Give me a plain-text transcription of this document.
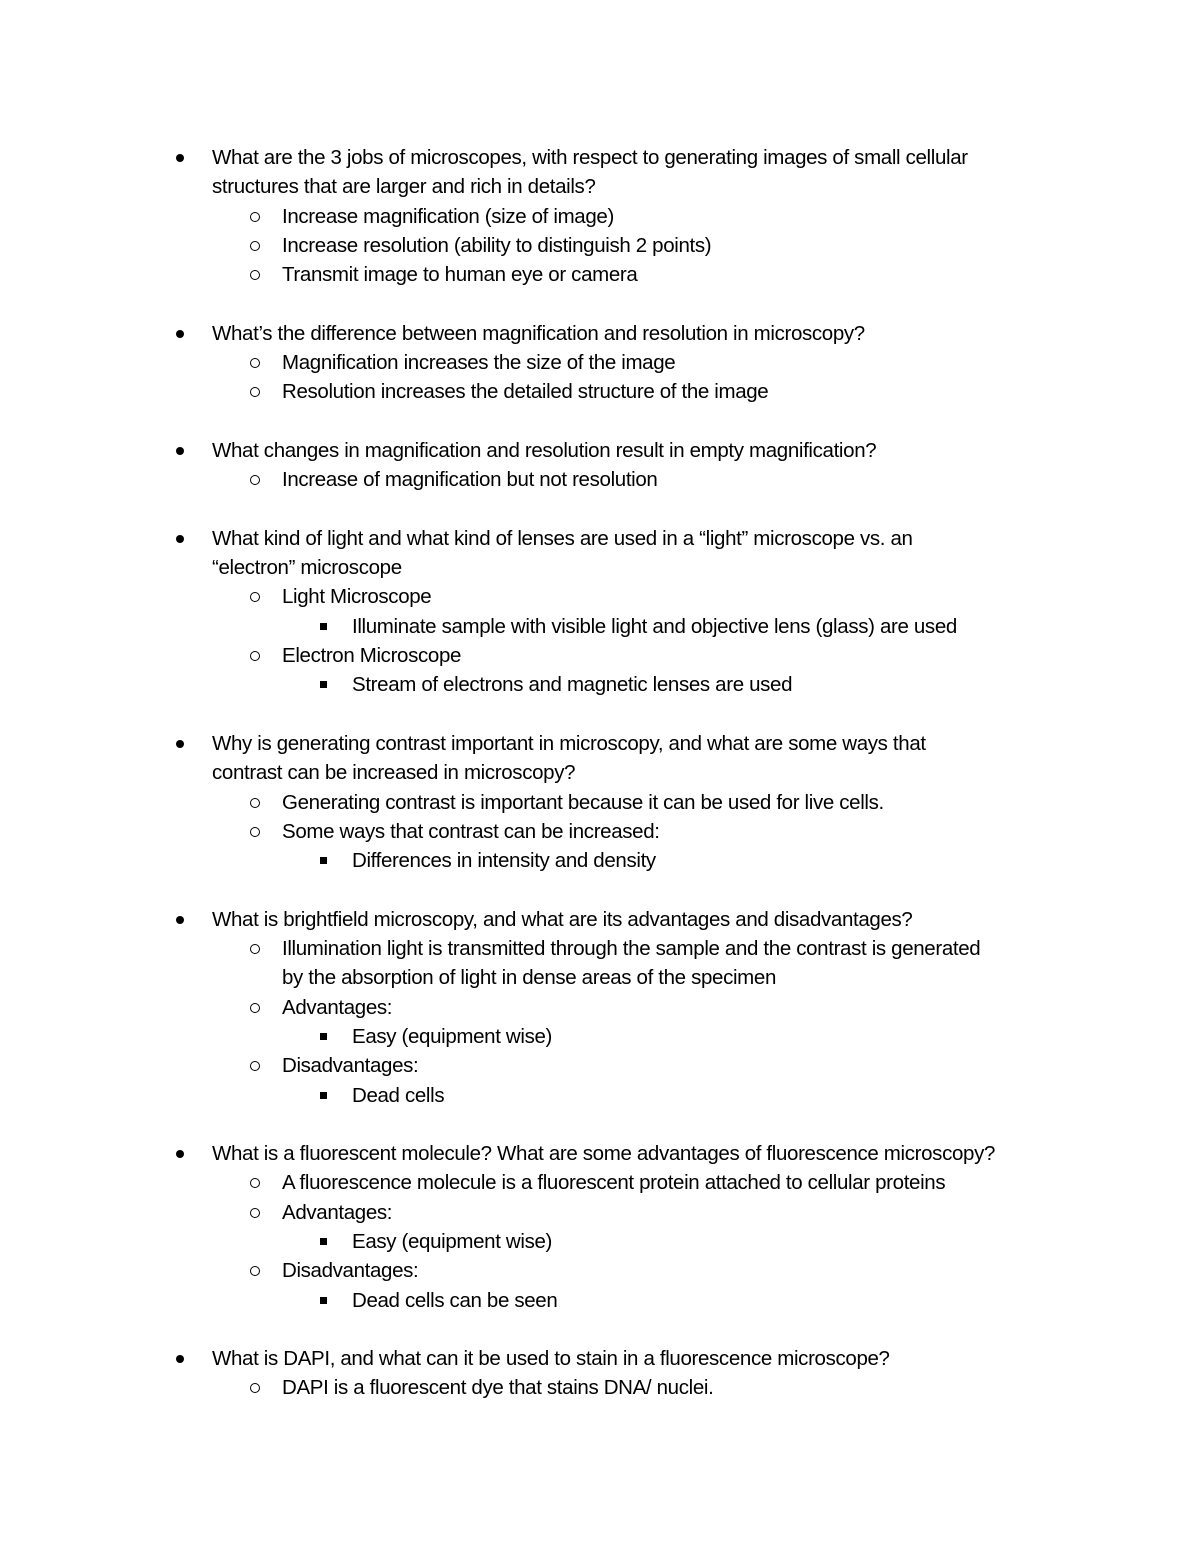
What are the 3 jobs of microscopes, with respect to generating images of small cellular
structures that are larger and rich in details?
Increase magnification (size of image)
Increase resolution (ability to distinguish 2 points)
Transmit image to human eye or camera
What’s the difference between magnification and resolution in microscopy?
Magnification increases the size of the image
Resolution increases the detailed structure of the image
What changes in magnification and resolution result in empty magnification?
Increase of magnification but not resolution
What kind of light and what kind of lenses are used in a “light” microscope vs. an
“electron” microscope
Light Microscope
Illuminate sample with visible light and objective lens (glass) are used
Electron Microscope
Stream of electrons and magnetic lenses are used
Why is generating contrast important in microscopy, and what are some ways that
contrast can be increased in microscopy?
Generating contrast is important because it can be used for live cells.
Some ways that contrast can be increased:
Differences in intensity and density
What is brightfield microscopy, and what are its advantages and disadvantages?
Illumination light is transmitted through the sample and the contrast is generated
by the absorption of light in dense areas of the specimen
Advantages:
Easy (equipment wise)
Disadvantages:
Dead cells
What is a fluorescent molecule? What are some advantages of fluorescence microscopy?
A fluorescence molecule is a fluorescent protein attached to cellular proteins
Advantages:
Easy (equipment wise)
Disadvantages:
Dead cells can be seen
What is DAPI, and what can it be used to stain in a fluorescence microscope?
DAPI is a fluorescent dye that stains DNA/ nuclei.
